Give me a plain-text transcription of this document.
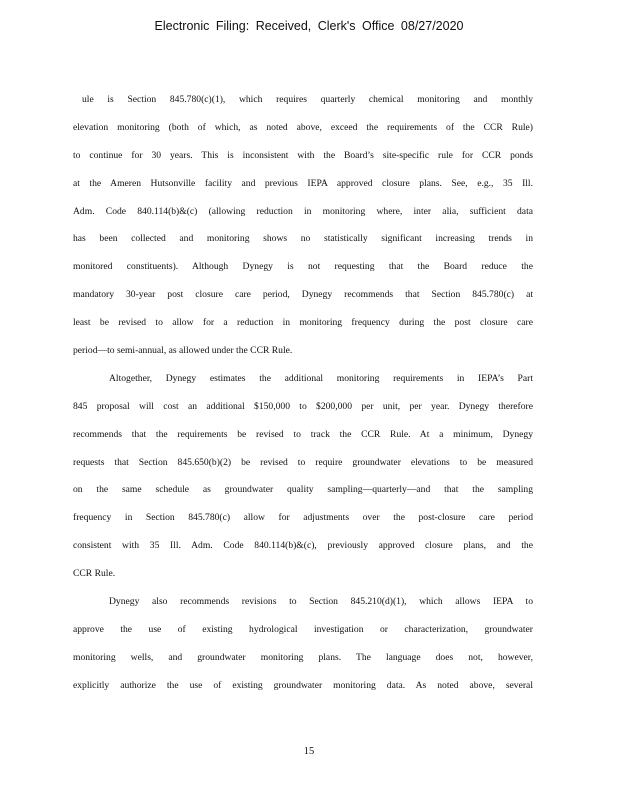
Electronic Filing: Received, Clerk's Office 08/27/2020
ule is Section 845.780(c)(1), which requires quarterly chemical monitoring and monthly
elevation monitoring (both of which, as noted above, exceed the requirements of the CCR Rule)
to continue for 30 years. This is inconsistent with the Board’s site-specific rule for CCR ponds
at the Ameren Hutsonville facility and previous IEPA approved closure plans. See, e.g., 35 Ill.
Adm. Code 840.114(b)&(c) (allowing reduction in monitoring where, inter alia, sufficient data
has been collected and monitoring shows no statistically significant increasing trends in
monitored constituents). Although Dynegy is not requesting that the Board reduce the
mandatory 30-year post closure care period, Dynegy recommends that Section 845.780(c) at
least be revised to allow for a reduction in monitoring frequency during the post closure care
period—to semi-annual, as allowed under the CCR Rule.
Altogether, Dynegy estimates the additional monitoring requirements in IEPA’s Part
845 proposal will cost an additional $150,000 to $200,000 per unit, per year. Dynegy therefore
recommends that the requirements be revised to track the CCR Rule. At a minimum, Dynegy
requests that Section 845.650(b)(2) be revised to require groundwater elevations to be measured
on the same schedule as groundwater quality sampling—quarterly—and that the sampling
frequency in Section 845.780(c) allow for adjustments over the post-closure care period
consistent with 35 Ill. Adm. Code 840.114(b)&(c), previously approved closure plans, and the
CCR Rule.
Dynegy also recommends revisions to Section 845.210(d)(1), which allows IEPA to
approve the use of existing hydrological investigation or characterization, groundwater
monitoring wells, and groundwater monitoring plans. The language does not, however,
explicitly authorize the use of existing groundwater monitoring data. As noted above, several
15
